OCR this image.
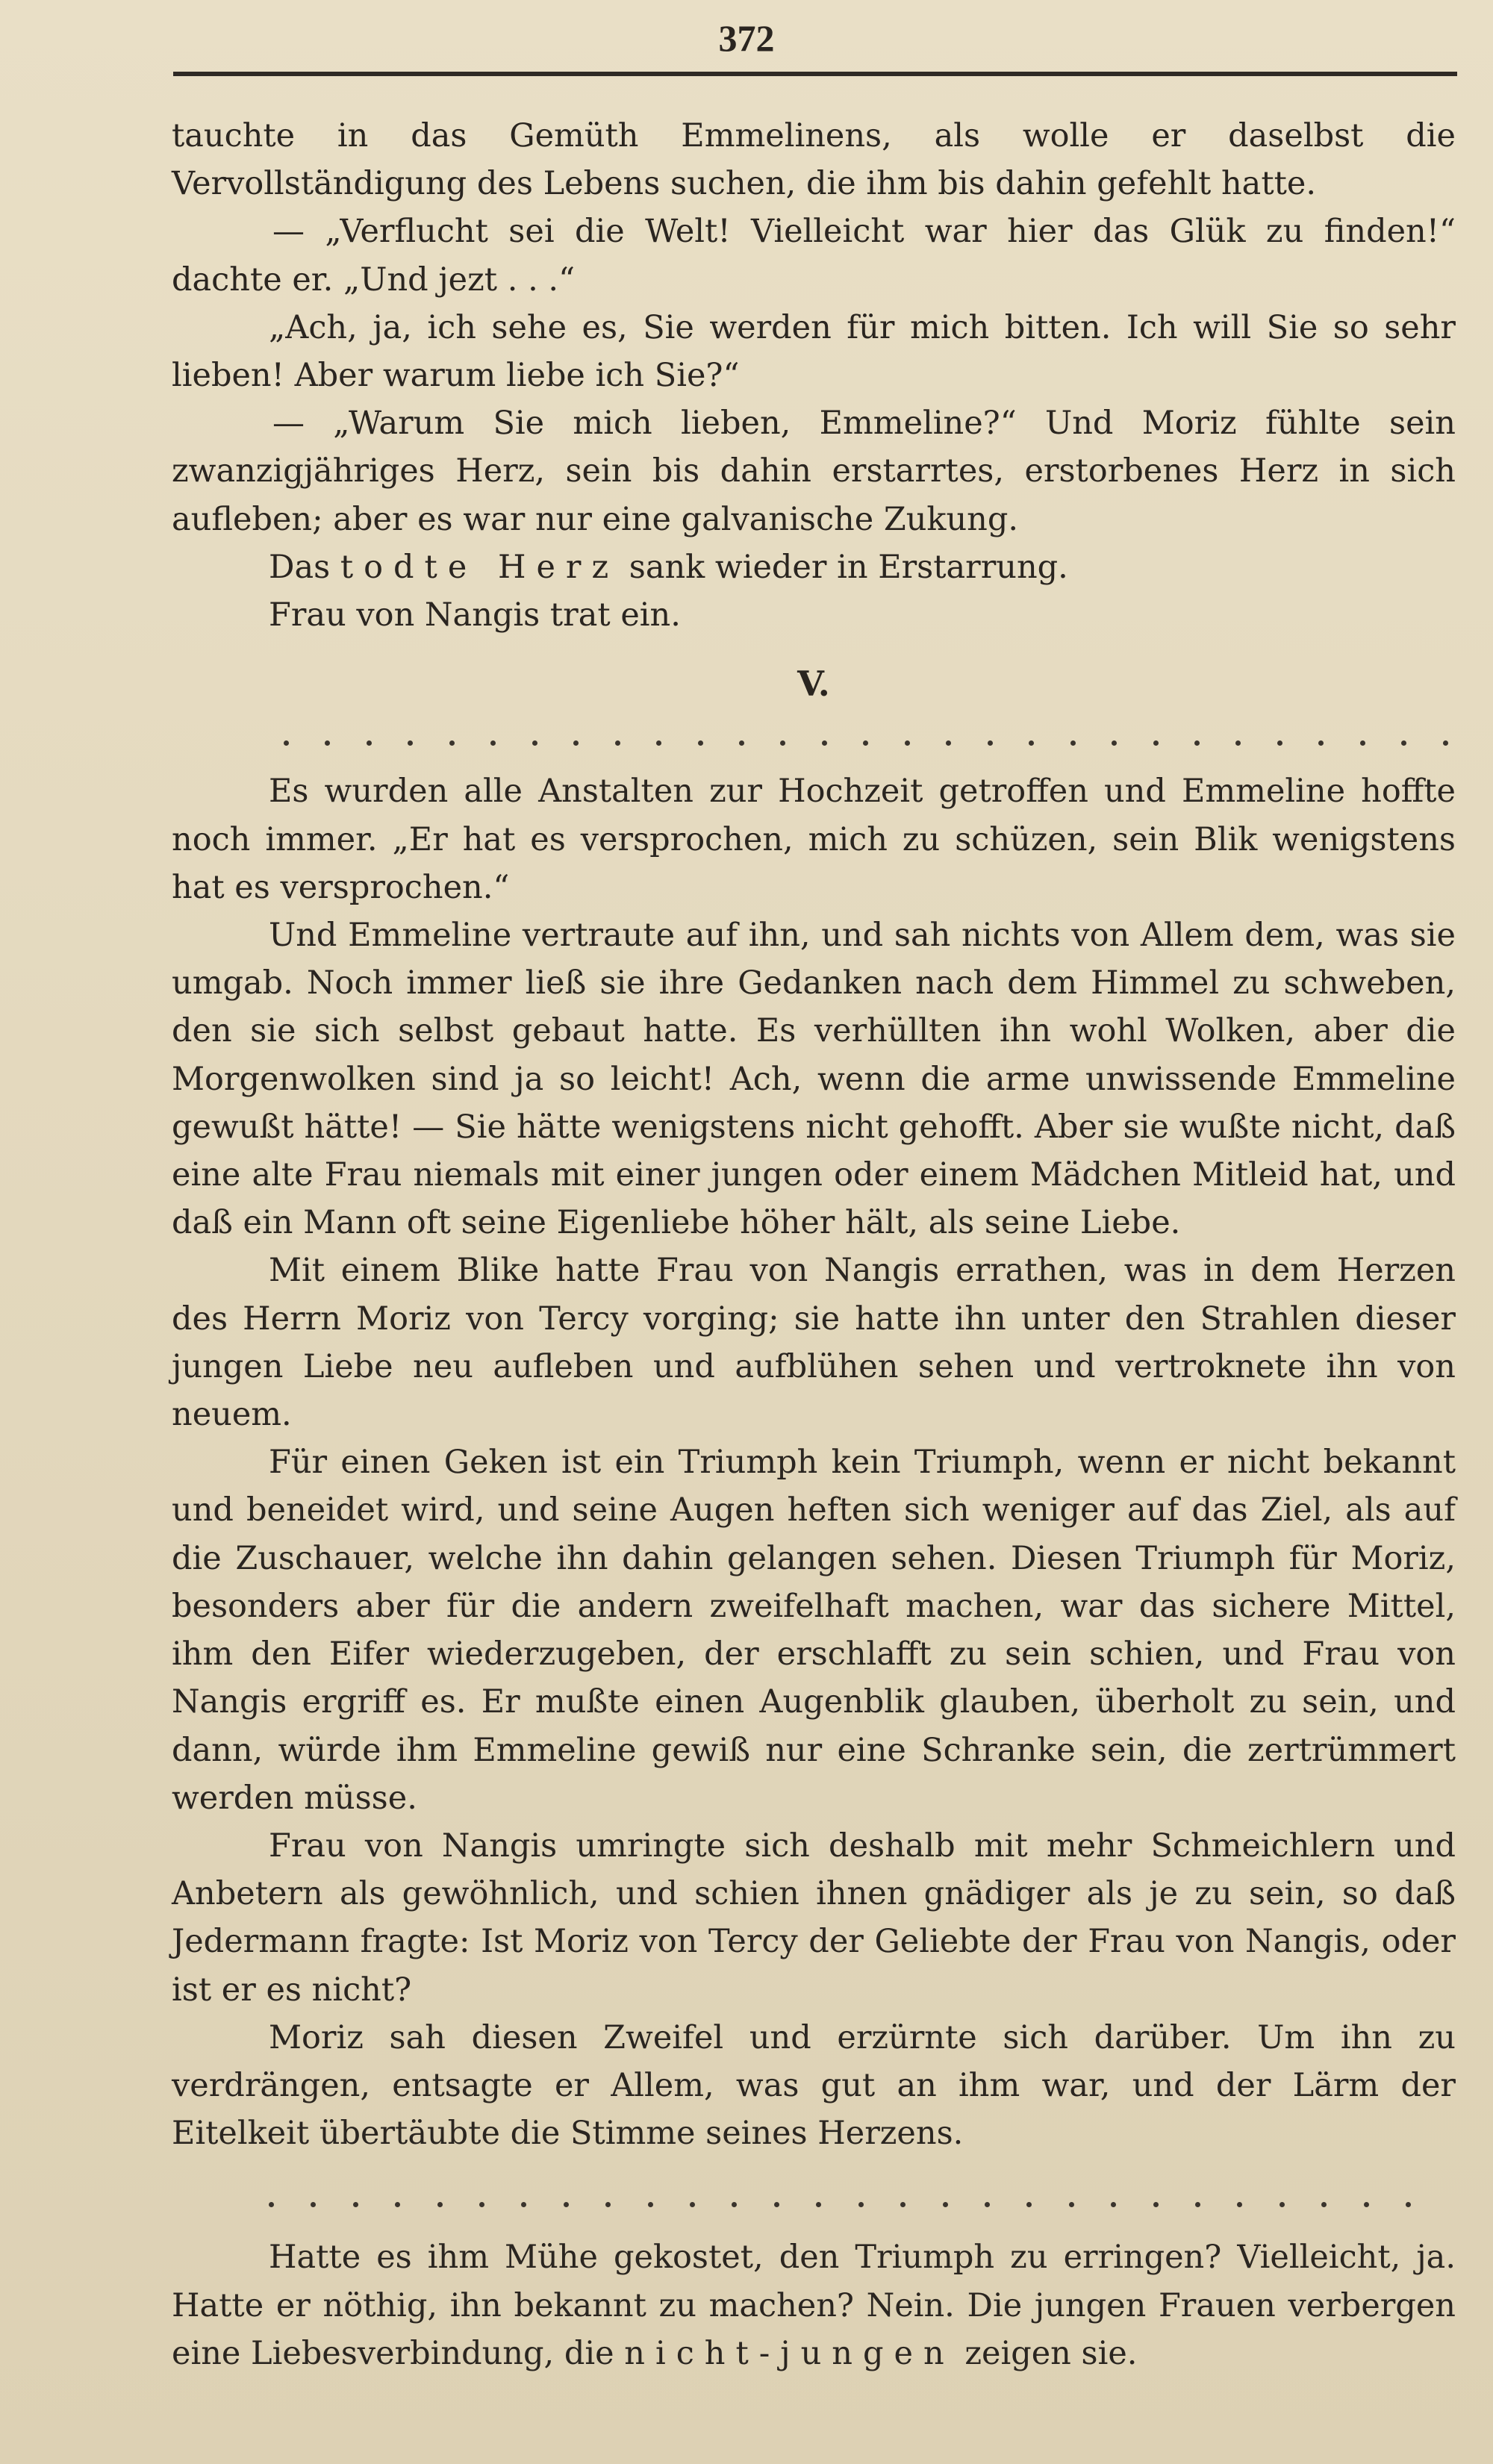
372

tauchte in das Gemüth Emmelinens, als wolle er daselbst die Vervollständigung des Lebens suchen, die ihm bis dahin gefehlt hatte.

— „Verflucht sei die Welt! Vielleicht war hier das Glük zu finden!“ dachte er. „Und jezt . . .“

„Ach, ja, ich sehe es, Sie werden für mich bitten. Ich will Sie so sehr lieben! Aber warum liebe ich Sie?“

— „Warum Sie mich lieben, Emmeline?“ Und Moriz fühlte sein zwanzigjähriges Herz, sein bis dahin erstarrtes, erstorbenes Herz in sich aufleben; aber es war nur eine galvanische Zukung.

Das todte Herz sank wieder in Erstarrung.

Frau von Nangis trat ein.

V.

Es wurden alle Anstalten zur Hochzeit getroffen und Emmeline hoffte noch immer. „Er hat es versprochen, mich zu schüzen, sein Blik wenigstens hat es versprochen.“

Und Emmeline vertraute auf ihn, und sah nichts von Allem dem, was sie umgab. Noch immer ließ sie ihre Gedanken nach dem Himmel zu schweben, den sie sich selbst gebaut hatte. Es verhüllten ihn wohl Wolken, aber die Morgenwolken sind ja so leicht! Ach, wenn die arme unwissende Emmeline gewußt hätte! — Sie hätte wenigstens nicht gehofft. Aber sie wußte nicht, daß eine alte Frau niemals mit einer jungen oder einem Mädchen Mitleid hat, und daß ein Mann oft seine Eigenliebe höher hält, als seine Liebe.

Mit einem Blike hatte Frau von Nangis errathen, was in dem Herzen des Herrn Moriz von Tercy vorging; sie hatte ihn unter den Strahlen dieser jungen Liebe neu aufleben und aufblühen sehen und vertroknete ihn von neuem.

Für einen Geken ist ein Triumph kein Triumph, wenn er nicht bekannt und beneidet wird, und seine Augen heften sich weniger auf das Ziel, als auf die Zuschauer, welche ihn dahin gelangen sehen. Diesen Triumph für Moriz, besonders aber für die andern zweifelhaft machen, war das sichere Mittel, ihm den Eifer wiederzugeben, der erschlafft zu sein schien, und Frau von Nangis ergriff es. Er mußte einen Augenblik glauben, überholt zu sein, und dann, würde ihm Emmeline gewiß nur eine Schranke sein, die zertrümmert werden müsse.

Frau von Nangis umringte sich deshalb mit mehr Schmeichlern und Anbetern als gewöhnlich, und schien ihnen gnädiger als je zu sein, so daß Jedermann fragte: Ist Moriz von Tercy der Geliebte der Frau von Nangis, oder ist er es nicht?

Moriz sah diesen Zweifel und erzürnte sich darüber. Um ihn zu verdrängen, entsagte er Allem, was gut an ihm war, und der Lärm der Eitelkeit übertäubte die Stimme seines Herzens.

Hatte es ihm Mühe gekostet, den Triumph zu erringen? Vielleicht, ja. Hatte er nöthig, ihn bekannt zu machen? Nein. Die jungen Frauen verbergen eine Liebesverbindung, die nicht-jungen zeigen sie.
